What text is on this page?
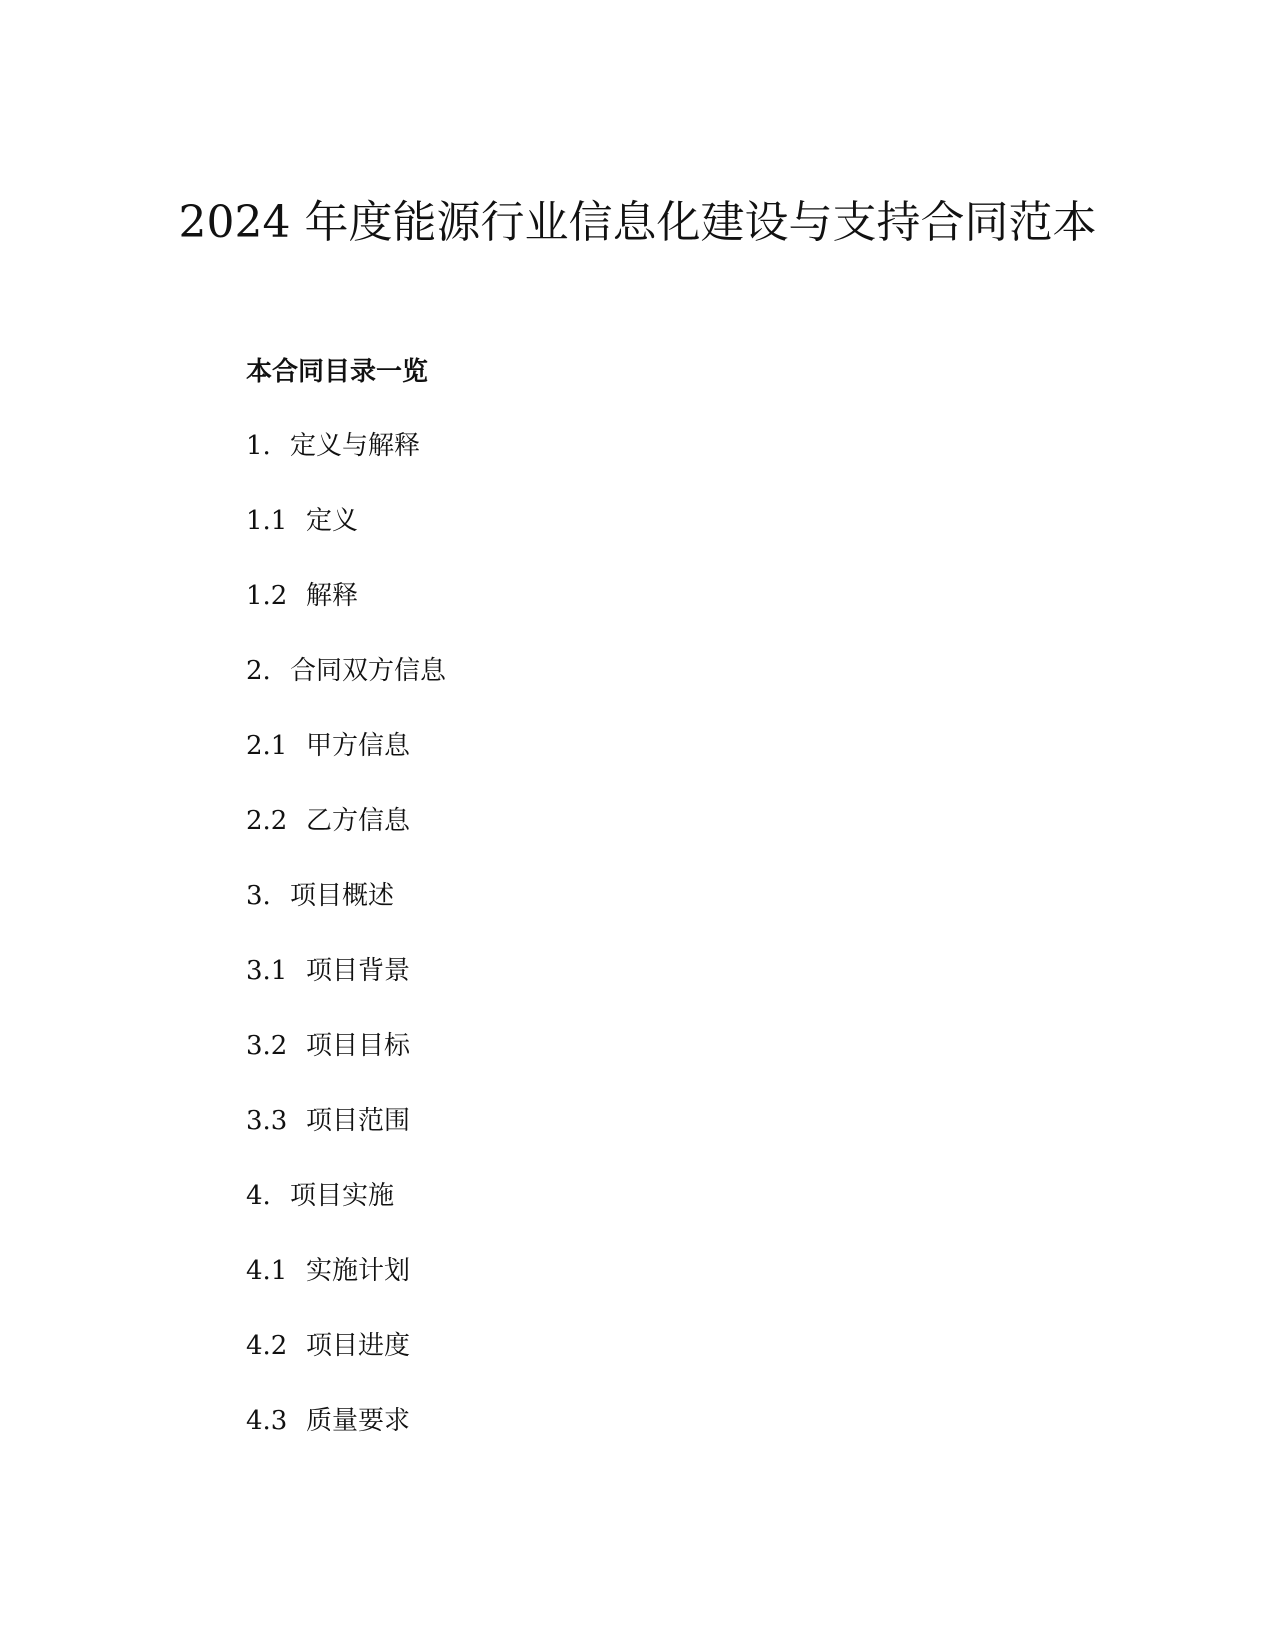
2024 年度能源行业信息化建设与支持合同范本
本合同目录一览
1. 定义与解释
1.1 定义
1.2 解释
2. 合同双方信息
2.1 甲方信息
2.2 乙方信息
3. 项目概述
3.1 项目背景
3.2 项目目标
3.3 项目范围
4. 项目实施
4.1 实施计划
4.2 项目进度
4.3 质量要求
